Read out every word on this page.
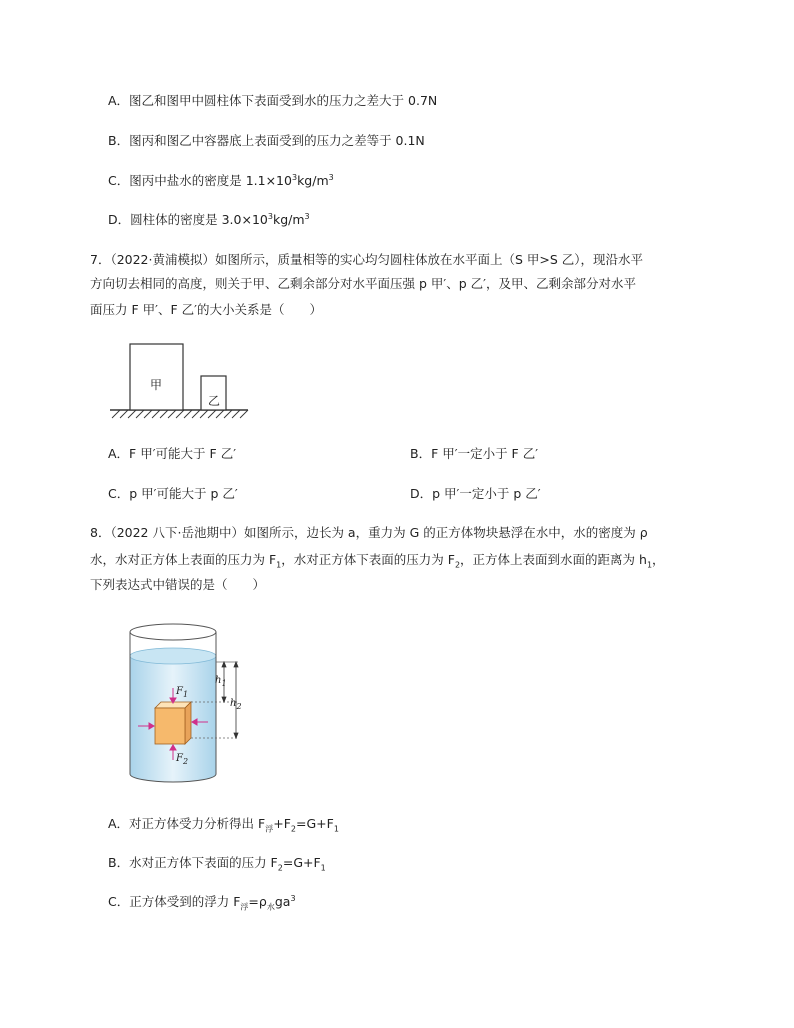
A．图乙和图甲中圆柱体下表面受到水的压力之差大于 0.7N
B．图丙和图乙中容器底上表面受到的压力之差等于 0.1N
C．图丙中盐水的密度是 $1.1\times 10^3kg/m^3$
D．圆柱体的密度是 $3.0\times 10^3kg/m^3$
7．（2022·黄浦模拟）如图所示，质量相等的实心均匀圆柱体放在水平面上（S 甲>S 乙），现沿水平
方向切去相同的高度，则关于甲、乙剩余部分对水平面压强 p 甲′、p 乙′，及甲、乙剩余部分对水平
面压力 F 甲′、F 乙′的大小关系是（　　）
甲
乙
A．F 甲′可能大于 F 乙′	B．F 甲′一定小于 F 乙′
C．p 甲′可能大于 p 乙′	D．p 甲′一定小于 p 乙′
8．（2022 八下·岳池期中）如图所示，边长为 a，重力为 G 的正方体物块悬浮在水中，水的密度为 ρ
水，水对正方体上表面的压力为 $F_1$，水对正方体下表面的压力为 $F_2$，正方体上表面到水面的距离为 $h_1$，
下列表达式中错误的是（　　）
$F_1$
$F_2$
$h_1$
$h_2$
A．对正方体受力分析得出 $F_浮+F_2=G+F_1$
B．水对正方体下表面的压力 $F_2=G+F_1$
C．正方体受到的浮力 $F_浮=\rho_水ga^3$
